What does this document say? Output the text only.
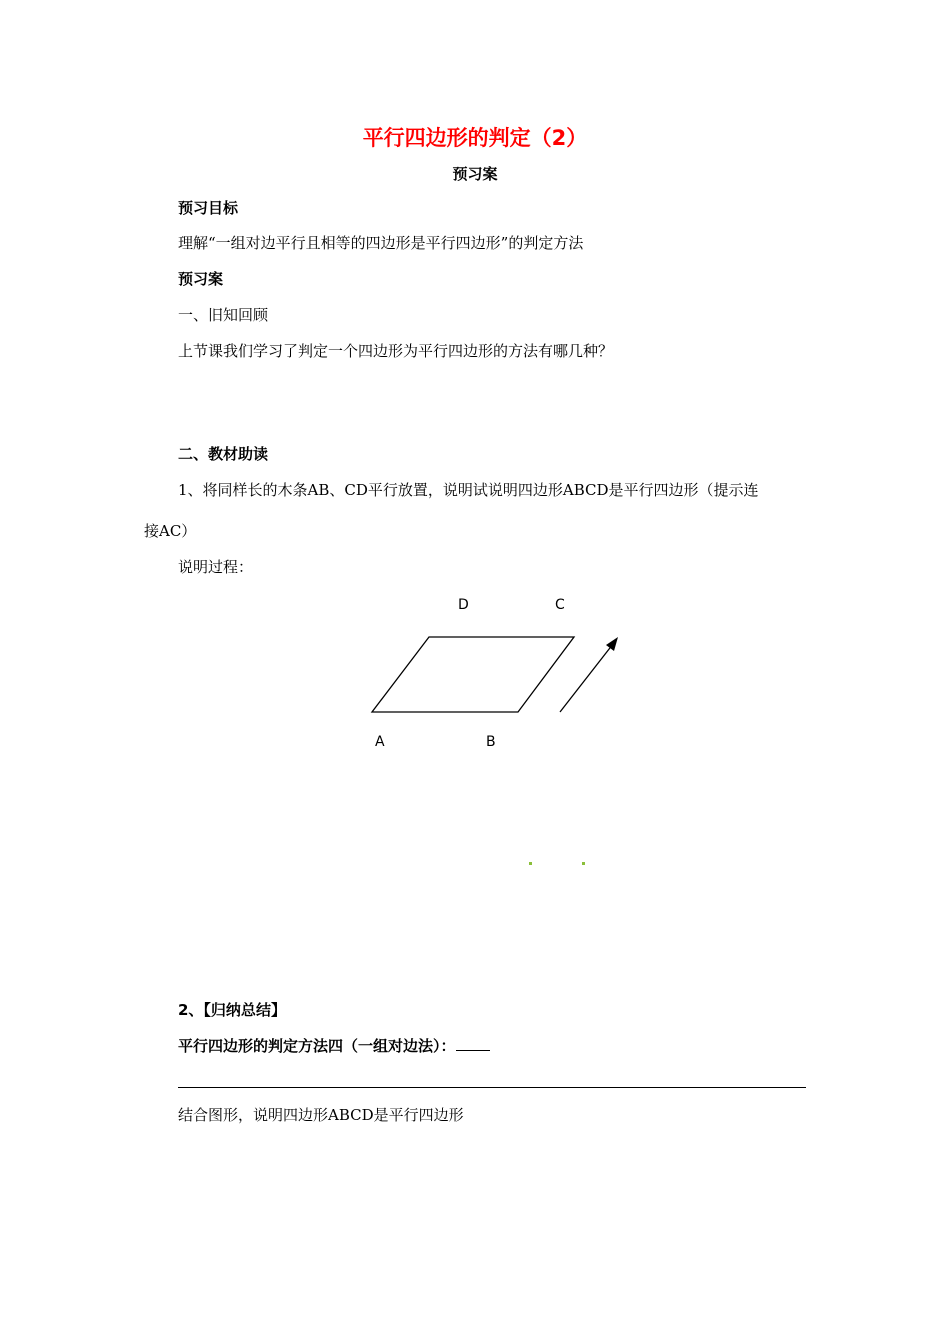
平行四边形的判定（2）
预习案
预习目标
理解“一组对边平行且相等的四边形是平行四边形”的判定方法
预习案
一、旧知回顾
上节课我们学习了判定一个四边形为平行四边形的方法有哪几种？
二、教材助读
1、将同样长的木条AB、CD平行放置，说明试说明四边形ABCD是平行四边形（提示连
接AC）
说明过程：
D	C
A	B
2、【归纳总结】
平行四边形的判定方法四（一组对边法）：
结合图形，说明四边形ABCD是平行四边形
